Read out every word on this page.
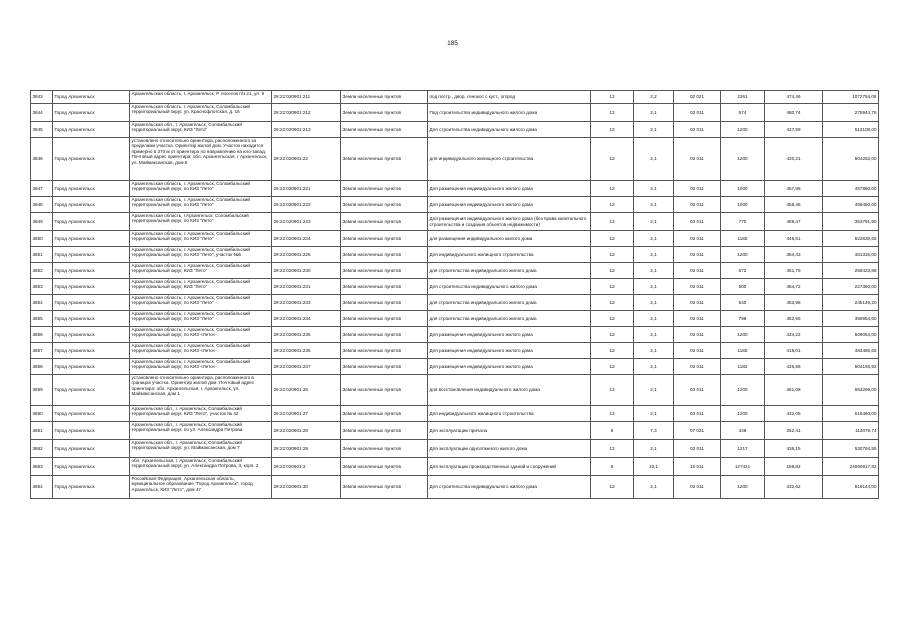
185
3843	Город Архангельск	Архангельская область, г. Архангельск, Р. поселок п/з 21, ул. 9	29:22:020901:211	Земли населенных пунктов	под постр., двор, сенокос с куст., огород	13	2,2	02 021	2261	474,46	1072754,06
3844	Город Архангельск	Архангельская область, г. Архангельск, Соломбальский территориальный округ, ул. Краснофлотская, д. 16	29:22:020901:212	Земли населенных пунктов	Под строительство индивидуального жилого дома	13	2,1	02 011	574	480,74	275944,76
3845	Город Архангельск	Архангельская обл., г. Архангельск, Соломбальский территориальный округ, КИЗ "Лето"	29:22:020901:213	Земли населенных пунктов	Для строительства индивидуального жилого дома	13	2,1	02 011	1200	427,59	513108,00
3846	Город Архангельск	установлено относительно ориентира, расположенного за пределами участка. Ориентир жилой дом. Участок находится примерно в 370 м от ориентира по направлению на юго-запад. Почтовый адрес ориентира: обл. Архангельская, г Архангельск, ул. Маймаксанская, дом 5	29:22:020901:22	Земли населенных пунктов	для индивидуального жилищного строительства	13	2,1	02 011	1200	420,21	504252,00
3847	Город Архангельск	Архангельская область, г. Архангельск, Соломбальский территориальный округ, по КИЗ "Лето"	29:22:020901:221	Земли населенных пунктов	Для размещения индивидуального жилого дома	13	2,1	02 011	1000	457,88	457880,00
3848	Город Архангельск	Архангельская область, г. Архангельск, Соломбальский территориальный округ, по КИЗ "Лето"	29:22:020901:222	Земли населенных пунктов	Для размещения индивидуального жилого дома	13	2,1	02 011	1000	458,45	458450,00
3849	Город Архангельск	Архангельская область, г.Архангельск, Соломбальский территориальный округ, по КИЗ "Лето"	29:22:020901:223	Земли населенных пунктов	Для размещения индивидуального жилого дома (без права капитального строительства и создания объектов недвижимости)	13	2,1	02 011	770	459,47	353791,90
3850	Город Архангельск	Архангельская область, г. Архангельск, Соломбальский территориальный округ, по КИЗ "Лето"	29:22:020901:224	Земли населенных пунктов	для размещения индивидуального жилого дома	13	2,1	02 011	1165	448,61	522630,65
3851	Город Архангельск	Архангельская область, г. Архангельск, Соломбальский территориальный округ, по КИЗ "Лето", участок №5	29:22:020901:226	Земли населенных пунктов	Для индивидуального жилищного строительства	13	2,1	02 011	1200	384,43	461316,00
3852	Город Архангельск	Архангельская область, г. Архангельск, Соломбальский территориальный округ, КИЗ "Лето"	29:22:020901:230	Земли населенных пунктов	для строительства индивидуального жилого дома	13	2,1	02 011	572	451,79	258423,88
3853	Город Архангельск	Архангельская область, г. Архангельск, Соломбальский территориальный округ, КИЗ "Лето"	29:22:020901:231	Земли населенных пунктов	Для строительства индивидуального жилого дома	13	2,1	02 011	500	454,72	227360,00
3854	Город Архангельск	Архангельская область, г. Архангельск, Соломбальский территориальный округ, по КИЗ "Лето"	29:22:020901:233	Земли населенных пунктов	для строительства индивидуального жилого дома	13	2,1	02 011	540	453,98	245149,20
3855	Город Архангельск	Архангельская область, г. Архангельск, Соломбальский территориальный округ, по КИЗ "Лето"	29:22:020901:234	Земли населенных пунктов	для строительства индивидуального жилого дома	13	2,1	02 011	798	452,95	359954,60
3856	Город Архангельск	Архангельская область, г. Архангельск, Соломбальский территориальный округ, по КИЗ «Лето»	29:22:020901:235	Земли населенных пунктов	Для размещения индивидуального жилого дома	13	2,1	02 011	1200	424,22	509064,00
3857	Город Архангельск	Архангельская область, г. Архангельск, Соломбальский территориальный округ, по КИЗ «Лето»	29:22:020901:236	Земли населенных пунктов	Для размещения индивидуального жилого дома	13	2,1	02 011	1165	415,01	483486,65
3858	Город Архангельск	Архангельская область, г. Архангельск, Соломбальский территориальный округ, по КИЗ «Лето»	29:22:020901:237	Земли населенных пунктов	Для размещения индивидуального жилого дома	13	2,1	02 011	1182	426,56	504193,92
3859	Город Архангельск	установлено относительно ориентира, расположенного в границах участка. Ориентир жилой дом. Почтовый адрес ориентира: обл. Архангельская, г. Архангельск, ул. Маймаксанская, дом 1	29:22:020901:26	Земли населенных пунктов	для восстановления индивидуального жилого дома	13	2,1	02 011	1200	461,08	553296,00
3860	Город Архангельск	Архангельская обл., г. Архангельск, Соломбальский территориальный округ, КИЗ "Лето", участок № 42	29:22:020901:27	Земли населенных пунктов	Для индивидуального жилищного строительства	13	2,1	02 011	1200	432,05	518460,00
3861	Город Архангельск	Архангельская обл., г. Архангельск, Соломбальский территориальный округ, по ул. Александра Петрова	29:22:020901:28	Земли населенных пунктов	Для эксплуатации причала	6	7,3	07 031	448	252,41	113079,74
3862	Город Архангельск	Архангельская обл., г. Архангельск, Соломбальский территориальный округ, ул. Маймаксанская, дом 7	29:22:020901:29	Земли населенных пунктов	Для эксплуатации одноэтажного жилого дома	13	2,1	02 011	1217	436,15	530794,55
3863	Город Архангельск	обл. Архангельская, г. Архангельск, Соломбальский территориальный округ, ул. Александра Петрова, 3, корп. 2	29:22:020901:3	Земли населенных пунктов	Для эксплуатации производственных зданий и сооружений	6	10,1	10 011	127421	188,82	24060917,82
3864	Город Архангельск	Российская Федерация, Архангельская область, муниципальное образование "Город Архангельск", город Архангельск, КИЗ "Лето", дом 47	29:22:020901:30	Земли населенных пунктов	Для строительства индивидуального жилого дома	13	2,1	02 011	1200	432,62	519144,00
